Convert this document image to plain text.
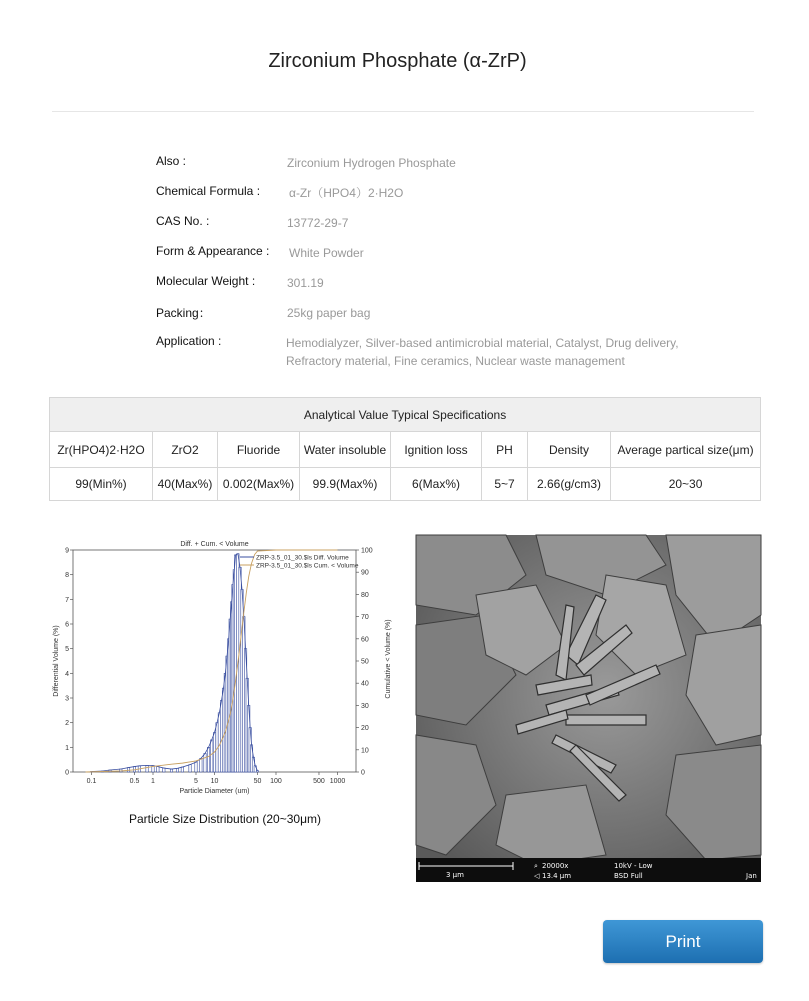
Zirconium Phosphate (α-ZrP)
Also :	Zirconium Hydrogen Phosphate
Chemical Formula : α-Zr（HPO4）2·H2O
CAS No. :	13772-29-7
Form & Appearance : White Powder
Molecular Weight :	301.19
Packing：	25kg paper bag
Application :	Hemodialyzer, Silver-based antimicrobial material, Catalyst, Drug delivery, Refractory material, Fine ceramics, Nuclear waste management
Analytical Value Typical Specifications							
Zr(HPO4)2·H2O	ZrO2	Fluoride	Water insoluble	Ignition loss	PH	Density	Average partical size(μm)
99(Min%)	40(Max%)	0.002(Max%)	99.9(Max%)	6(Max%)	5~7	2.66(g/cm3)	20~30
Diff. + Cum. < Volume
Particle Diameter (um)
Differential Volume (%)	Cumulative < Volume (%)
0.1	0.5 1	5 10	50 100	500 1000
0
1
2
3
4
5
6
7
8
9
0
10
20
30
40
50
60
70
80
90
100
ZRP-3.5_01_30.$ls Diff. Volume
ZRP-3.5_01_30.$ls Cum. < Volume
Particle Size Distribution (20~30μm)
3 μm
⌕ 20000x
◁ 13.4 μm
10kV - Low
BSD Full	Jan
Print
